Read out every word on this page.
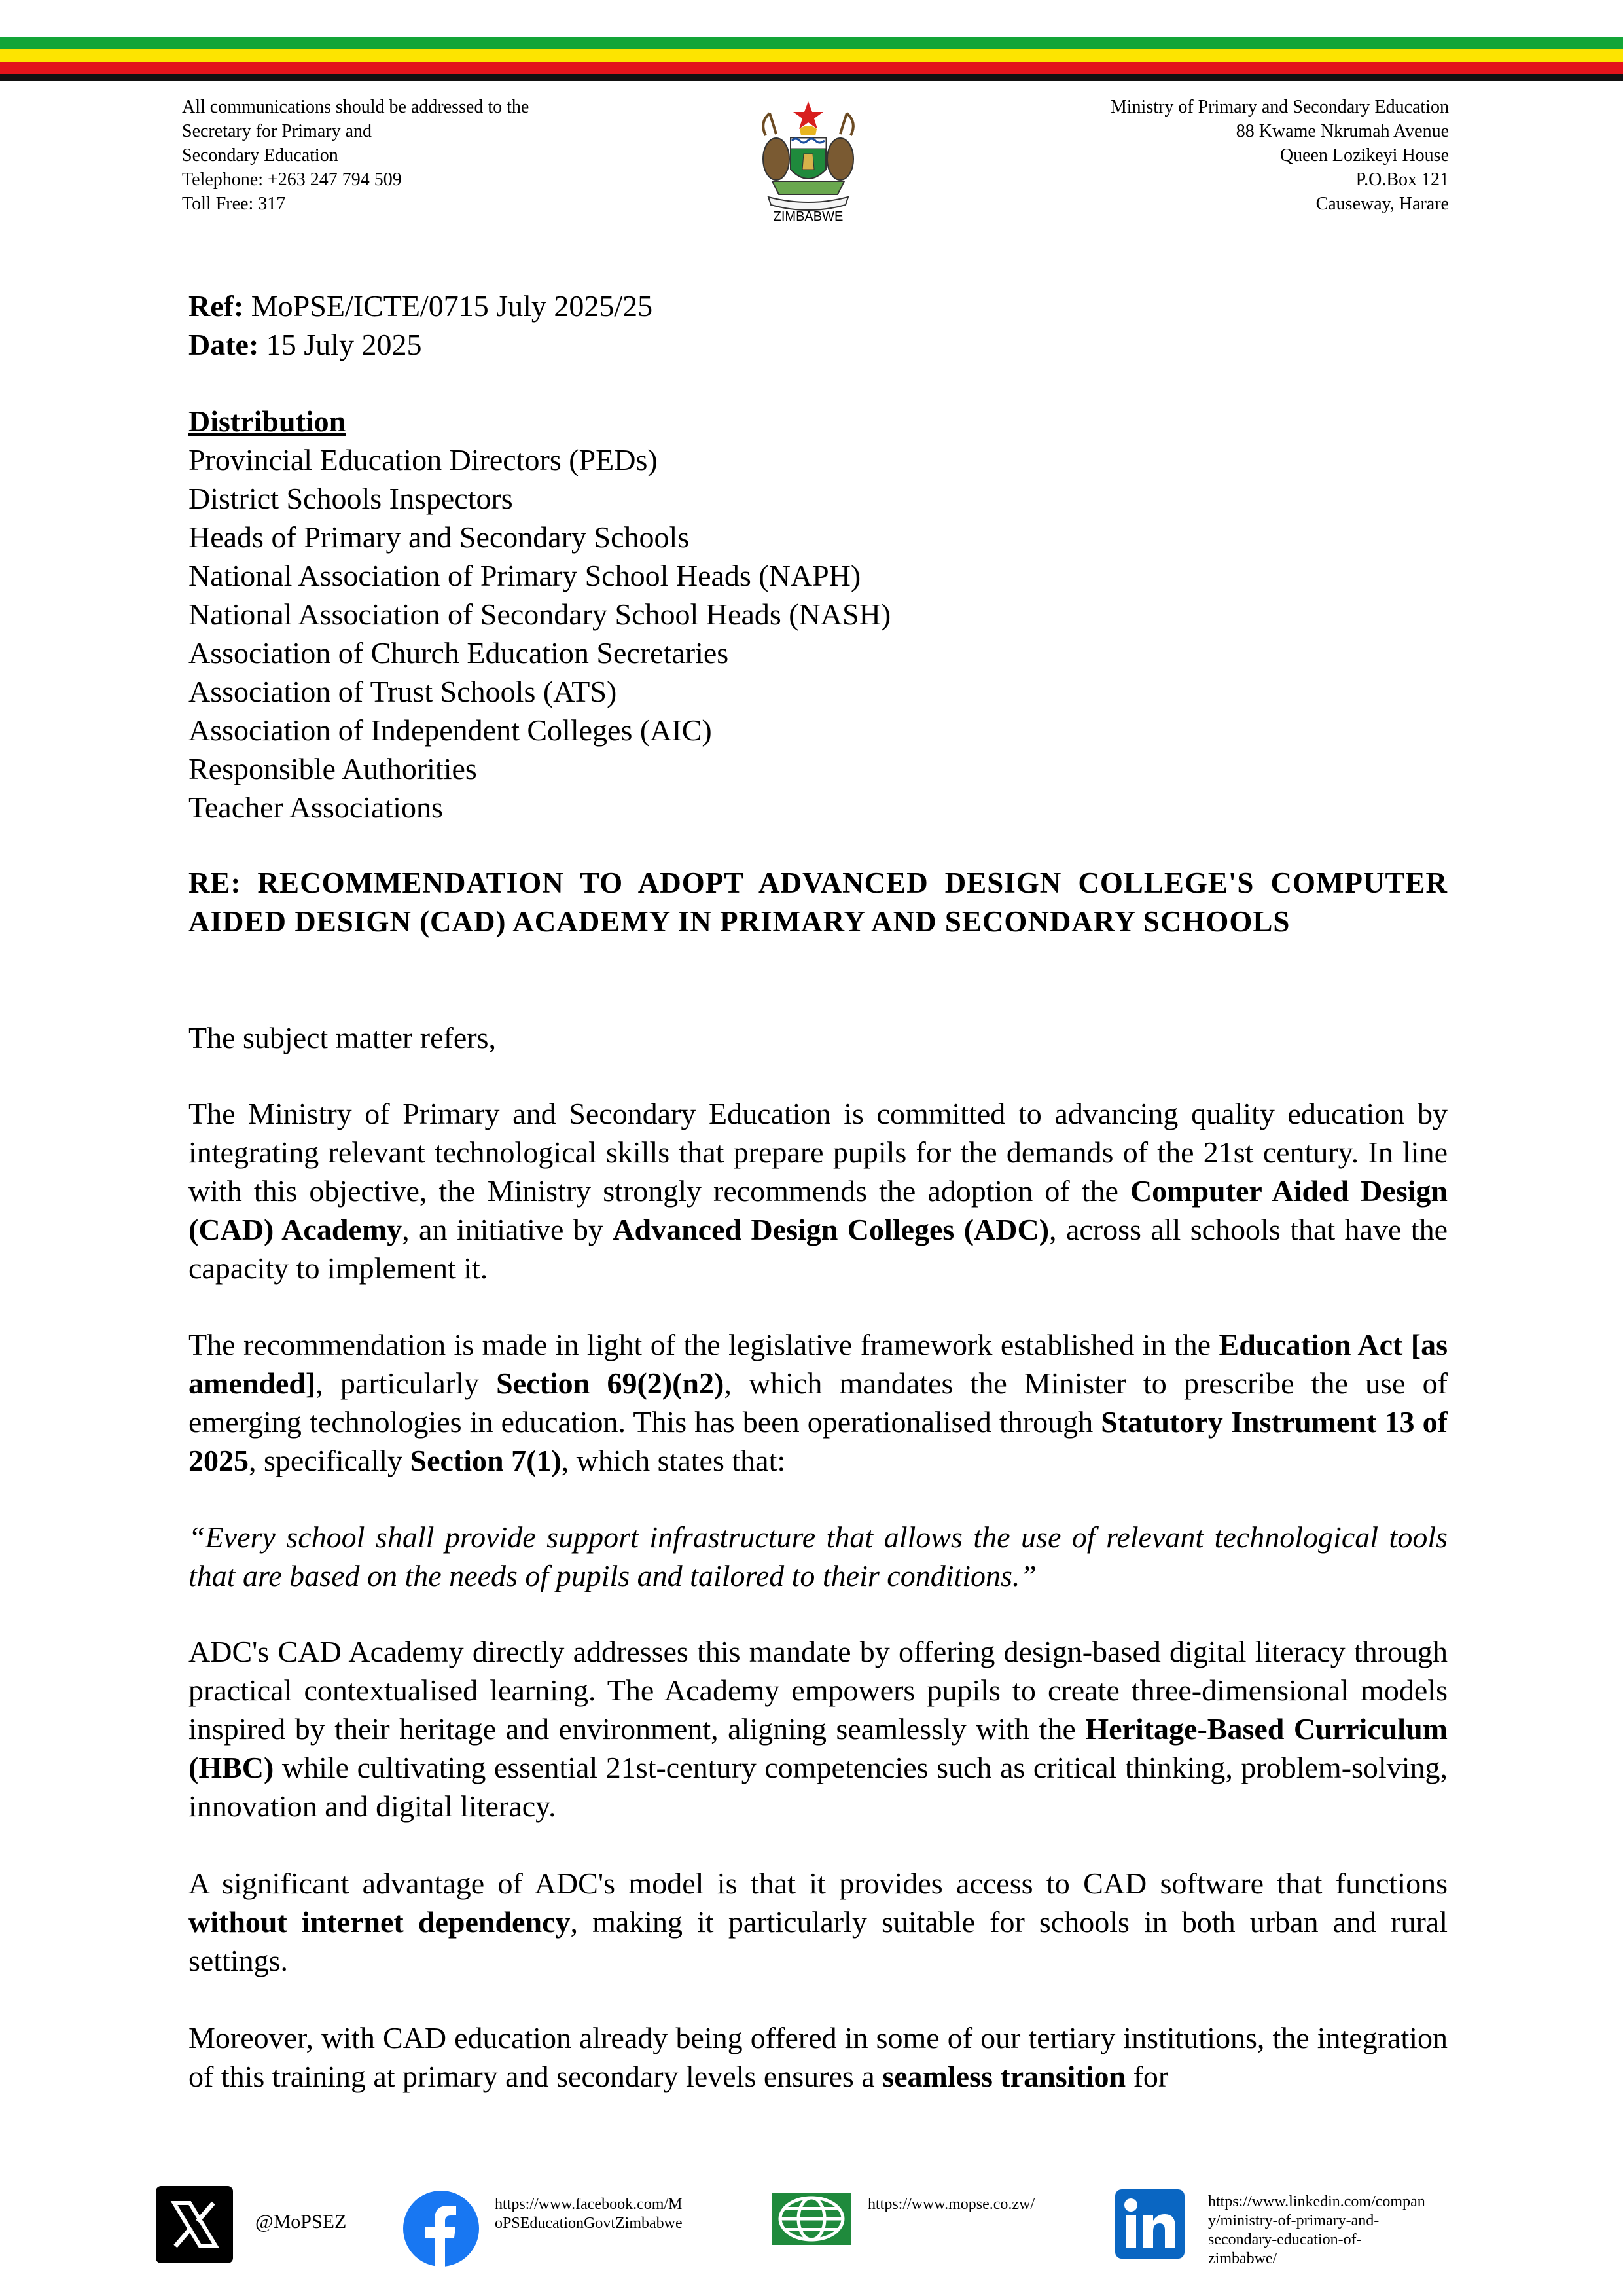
All communications should be addressed to the
Secretary for Primary and
Secondary Education
Telephone: +263 247 794 509
Toll Free: 317
ZIMBABWE
Ministry of Primary and Secondary Education
88 Kwame Nkrumah Avenue
Queen Lozikeyi House
P.O.Box 121
Causeway, Harare
Ref: MoPSE/ICTE/0715 July 2025/25
Date: 15 July 2025
Distribution
Provincial Education Directors (PEDs)
District Schools Inspectors
Heads of Primary and Secondary Schools
National Association of Primary School Heads (NAPH)
National Association of Secondary School Heads (NASH)
Association of Church Education Secretaries
Association of Trust Schools (ATS)
Association of Independent Colleges (AIC)
Responsible Authorities
Teacher Associations
RE: RECOMMENDATION TO ADOPT ADVANCED DESIGN COLLEGE'S COMPUTER AIDED DESIGN (CAD) ACADEMY IN PRIMARY AND SECONDARY SCHOOLS
The subject matter refers,
The Ministry of Primary and Secondary Education is committed to advancing quality education by integrating relevant technological skills that prepare pupils for the demands of the 21st century. In line with this objective, the Ministry strongly recommends the adoption of the Computer Aided Design (CAD) Academy, an initiative by Advanced Design Colleges (ADC), across all schools that have the capacity to implement it.
The recommendation is made in light of the legislative framework established in the Education Act [as amended], particularly Section 69(2)(n2), which mandates the Minister to prescribe the use of emerging technologies in education. This has been operationalised through Statutory Instrument 13 of 2025, specifically Section 7(1), which states that:
“Every school shall provide support infrastructure that allows the use of relevant technological tools that are based on the needs of pupils and tailored to their conditions.”
ADC's CAD Academy directly addresses this mandate by offering design-based digital literacy through practical contextualised learning. The Academy empowers pupils to create three-dimensional models inspired by their heritage and environment, aligning seamlessly with the Heritage-Based Curriculum (HBC) while cultivating essential 21st-century competencies such as critical thinking, problem-solving, innovation and digital literacy.
A significant advantage of ADC's model is that it provides access to CAD software that functions without internet dependency, making it particularly suitable for schools in both urban and rural settings.
Moreover, with CAD education already being offered in some of our tertiary institutions, the integration of this training at primary and secondary levels ensures a seamless transition for
@MoPSEZ
https://www.facebook.com/M
oPSEducationGovtZimbabwe
https://www.mopse.co.zw/	https://www.linkedin.com/compan
y/ministry-of-primary-and-
secondary-education-of-
zimbabwe/
